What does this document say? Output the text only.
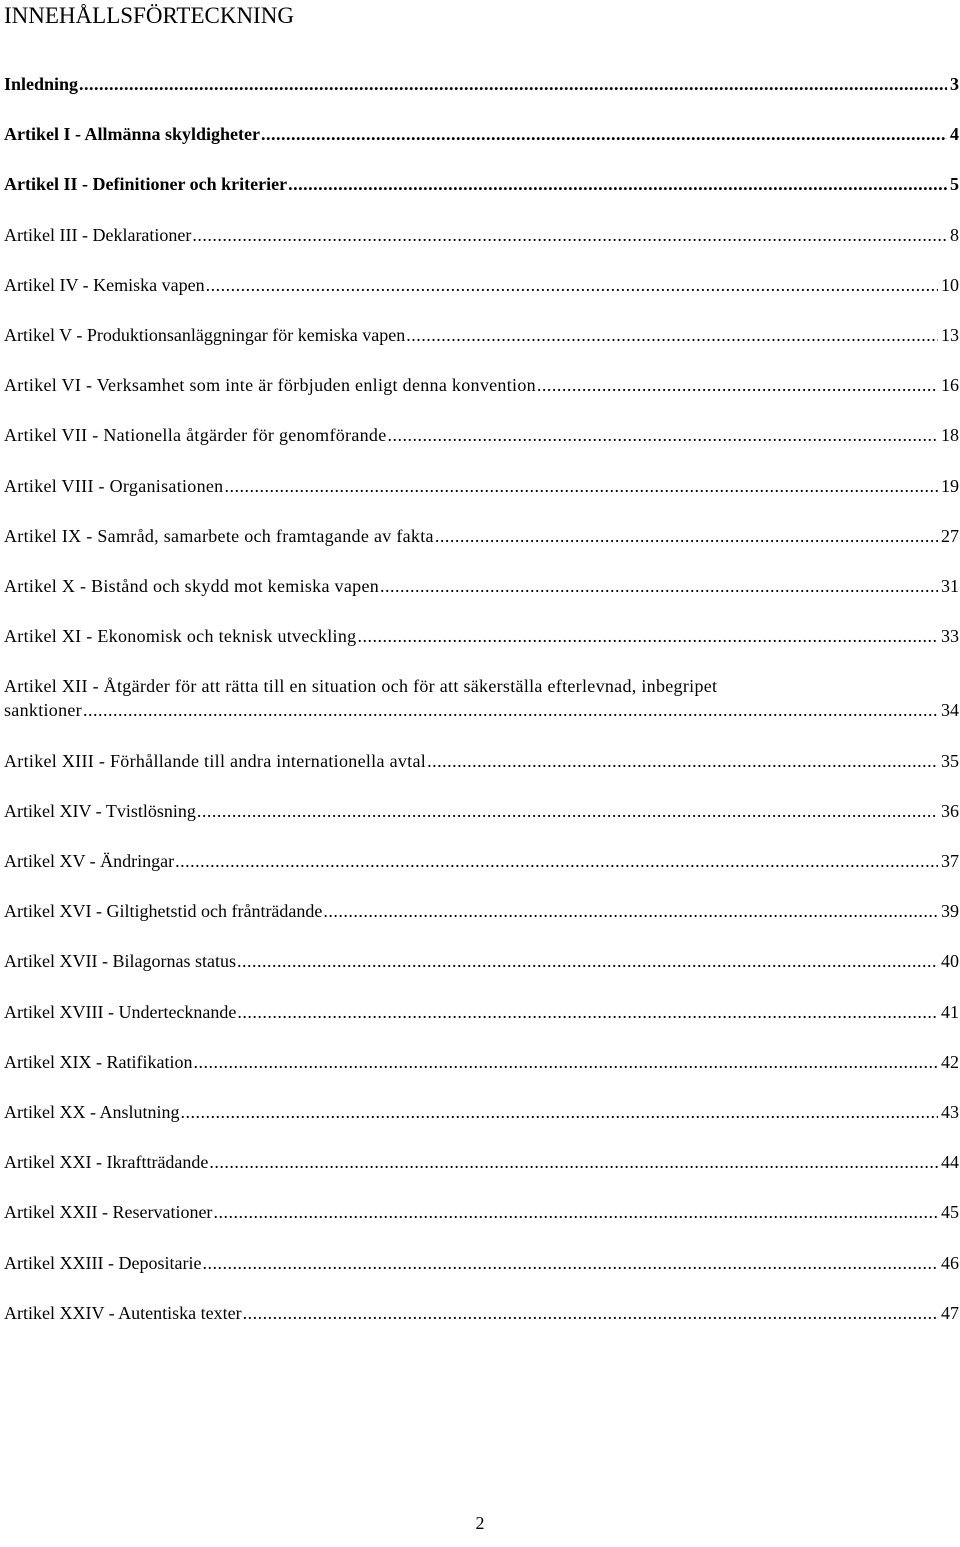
INNEHÅLLSFÖRTECKNING
Inledning .....	3
Artikel I - Allmänna skyldigheter .....	4
Artikel II - Definitioner och kriterier .....	5
Artikel III - Deklarationer .....	8
Artikel IV - Kemiska vapen .....	10
Artikel V - Produktionsanläggningar för kemiska vapen .....	13
Artikel VI - Verksamhet som inte är förbjuden enligt denna konvention .....	16
Artikel VII - Nationella åtgärder för genomförande .....	18
Artikel VIII - Organisationen .....	19
Artikel IX - Samråd, samarbete och framtagande av fakta .....	27
Artikel X - Bistånd och skydd mot kemiska vapen .....	31
Artikel XI - Ekonomisk och teknisk utveckling .....	33
Artikel XII - Åtgärder för att rätta till en situation och för att säkerställa efterlevnad, inbegripet
sanktioner .....	34
Artikel XIII - Förhållande till andra internationella avtal .....	35
Artikel XIV - Tvistlösning .....	36
Artikel XV - Ändringar .....	37
Artikel XVI - Giltighetstid och frånträdande .....	39
Artikel XVII - Bilagornas status .....	40
Artikel XVIII - Undertecknande .....	41
Artikel XIX - Ratifikation .....	42
Artikel XX - Anslutning .....	43
Artikel XXI - Ikraftträdande .....	44
Artikel XXII - Reservationer .....	45
Artikel XXIII - Depositarie .....	46
Artikel XXIV - Autentiska texter .....	47
2
